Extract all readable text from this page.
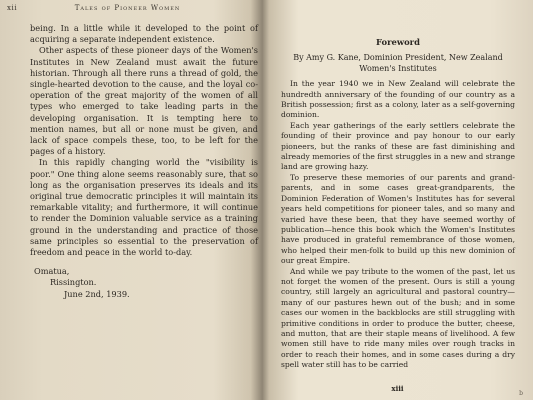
xii	Tales of Pioneer Women

being. In a little while it developed to the point of acquiring a separate independent existence.

Other aspects of these pioneer days of the Women's Institutes in New Zealand must await the future historian. Through all there runs a thread of gold, the single-hearted devotion to the cause, and the loyal co-operation of the great majority of the women of all types who emerged to take leading parts in the developing organisation. It is tempting here to mention names, but all or none must be given, and lack of space compels these, too, to be left for the pages of a history.

In this rapidly changing world the "visibility is poor." One thing alone seems reasonably sure, that so long as the organisation preserves its ideals and its original true democratic principles it will maintain its remarkable vitality; and furthermore, it will continue to render the Dominion valuable service as a training ground in the understanding and practice of those same principles so essential to the preservation of freedom and peace in the world to-day.

Omatua,
Rissington.
June 2nd, 1939.
Foreword
By Amy G. Kane, Dominion President, New Zealand Women's Institutes

In the year 1940 we in New Zealand will celebrate the hundredth anniversary of the founding of our country as a British possession; first as a colony, later as a self-governing dominion.

Each year gatherings of the early settlers celebrate the founding of their province and pay honour to our early pioneers, but the ranks of these are fast diminishing and already memories of the first struggles in a new and strange land are growing hazy.

To preserve these memories of our parents and grand-parents, and in some cases great-grandparents, the Dominion Federation of Women's Institutes has for several years held competitions for pioneer tales, and so many and varied have these been, that they have seemed worthy of publication—hence this book which the Women's Institutes have produced in grateful remembrance of those women, who helped their men-folk to build up this new dominion of our great Empire.

And while we pay tribute to the women of the past, let us not forget the women of the present. Ours is still a young country, still largely an agricultural and pastoral country—many of our pastures hewn out of the bush; and in some cases our women in the backblocks are still struggling with primitive conditions in order to produce the butter, cheese, and mutton, that are their staple means of livelihood. A few women still have to ride many miles over rough tracks in order to reach their homes, and in some cases during a dry spell water still has to be carried

xiii
b
